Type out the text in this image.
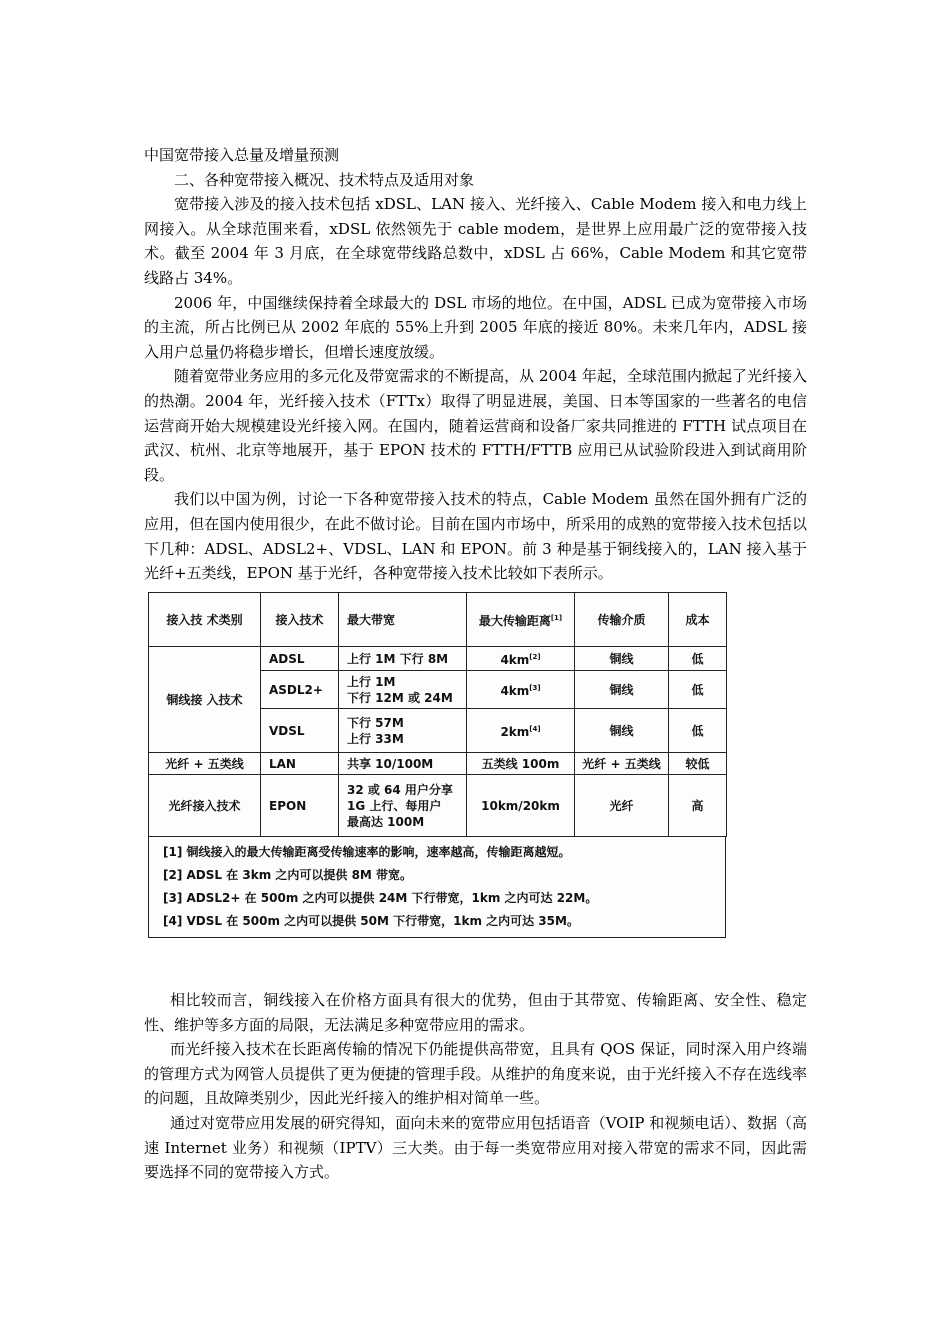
中国宽带接入总量及增量预测

二、各种宽带接入概况、技术特点及适用对象

宽带接入涉及的接入技术包括 xDSL、LAN 接入、光纤接入、Cable Modem 接入和电力线上网接入。从全球范围来看，xDSL 依然领先于 cable modem，是世界上应用最广泛的宽带接入技术。截至 2004 年 3 月底，在全球宽带线路总数中，xDSL 占 66%，Cable Modem 和其它宽带线路占 34%。

2006 年，中国继续保持着全球最大的 DSL 市场的地位。在中国，ADSL 已成为宽带接入市场的主流，所占比例已从 2002 年底的 55%上升到 2005 年底的接近 80%。未来几年内，ADSL 接入用户总量仍将稳步增长，但增长速度放缓。

随着宽带业务应用的多元化及带宽需求的不断提高，从 2004 年起，全球范围内掀起了光纤接入的热潮。2004 年，光纤接入技术（FTTx）取得了明显进展，美国、日本等国家的一些著名的电信运营商开始大规模建设光纤接入网。在国内，随着运营商和设备厂家共同推进的 FTTH 试点项目在武汉、杭州、北京等地展开，基于 EPON 技术的 FTTH/FTTB 应用已从试验阶段进入到试商用阶段。

我们以中国为例，讨论一下各种宽带接入技术的特点，Cable Modem 虽然在国外拥有广泛的应用，但在国内使用很少，在此不做讨论。目前在国内市场中，所采用的成熟的宽带接入技术包括以下几种：ADSL、ADSL2+、VDSL、LAN 和 EPON。前 3 种是基于铜线接入的，LAN 接入基于光纤+五类线，EPON 基于光纤，各种宽带接入技术比较如下表所示。

接入技 术类别	接入技术	最大带宽	最大传输距离[1]	传输介质	成本
铜线接 入技术	ADSL	上行 1M 下行 8M	4km[2]	铜线	低
	ASDL2+	上行 1M
下行 12M 或 24M	4km[3]	铜线	低
	VDSL	下行 57M
上行 33M	2km[4]	铜线	低
光纤 + 五类线	LAN	共享 10/100M	五类线 100m	光纤 + 五类线	较低
光纤接入技术	EPON	32 或 64 用户分享
1G 上行、每用户
最高达 100M	10km/20km	光纤	高
[1] 铜线接入的最大传输距离受传输速率的影响，速率越高，传输距离越短。
[2] ADSL 在 3km 之内可以提供 8M 带宽。
[3] ADSL2+ 在 500m 之内可以提供 24M 下行带宽，1km 之内可达 22M。
[4] VDSL 在 500m 之内可以提供 50M 下行带宽，1km 之内可达 35M。

相比较而言，铜线接入在价格方面具有很大的优势，但由于其带宽、传输距离、安全性、稳定性、维护等多方面的局限，无法满足多种宽带应用的需求。

而光纤接入技术在长距离传输的情况下仍能提供高带宽，且具有 QOS 保证，同时深入用户终端的管理方式为网管人员提供了更为便捷的管理手段。从维护的角度来说，由于光纤接入不存在选线率的问题，且故障类别少，因此光纤接入的维护相对简单一些。

通过对宽带应用发展的研究得知，面向未来的宽带应用包括语音（VOIP 和视频电话）、数据（高速 Internet 业务）和视频（IPTV）三大类。由于每一类宽带应用对接入带宽的需求不同，因此需要选择不同的宽带接入方式。
